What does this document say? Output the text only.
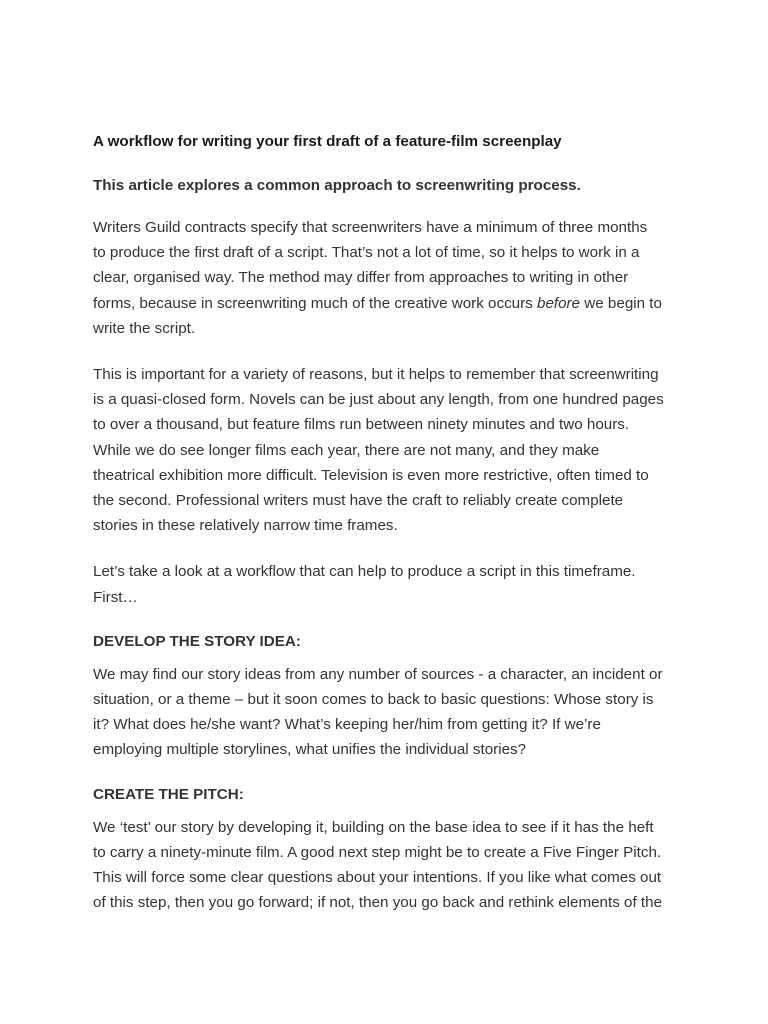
A workflow for writing your first draft of a feature-film screenplay

This article explores a common approach to screenwriting process.

Writers Guild contracts specify that screenwriters have a minimum of three months
to produce the first draft of a script. That’s not a lot of time, so it helps to work in a
clear, organised way. The method may differ from approaches to writing in other
forms, because in screenwriting much of the creative work occurs before we begin to
write the script.
This is important for a variety of reasons, but it helps to remember that screenwriting
is a quasi-closed form. Novels can be just about any length, from one hundred pages
to over a thousand, but feature films run between ninety minutes and two hours.
While we do see longer films each year, there are not many, and they make
theatrical exhibition more difficult. Television is even more restrictive, often timed to
the second. Professional writers must have the craft to reliably create complete
stories in these relatively narrow time frames.
Let’s take a look at a workflow that can help to produce a script in this timeframe.
First…

DEVELOP THE STORY IDEA:

We may find our story ideas from any number of sources - a character, an incident or
situation, or a theme – but it soon comes to back to basic questions: Whose story is
it? What does he/she want? What’s keeping her/him from getting it? If we’re
employing multiple storylines, what unifies the individual stories?

CREATE THE PITCH:

We ‘test’ our story by developing it, building on the base idea to see if it has the heft
to carry a ninety-minute film. A good next step might be to create a Five Finger Pitch.
This will force some clear questions about your intentions. If you like what comes out
of this step, then you go forward; if not, then you go back and rethink elements of the
